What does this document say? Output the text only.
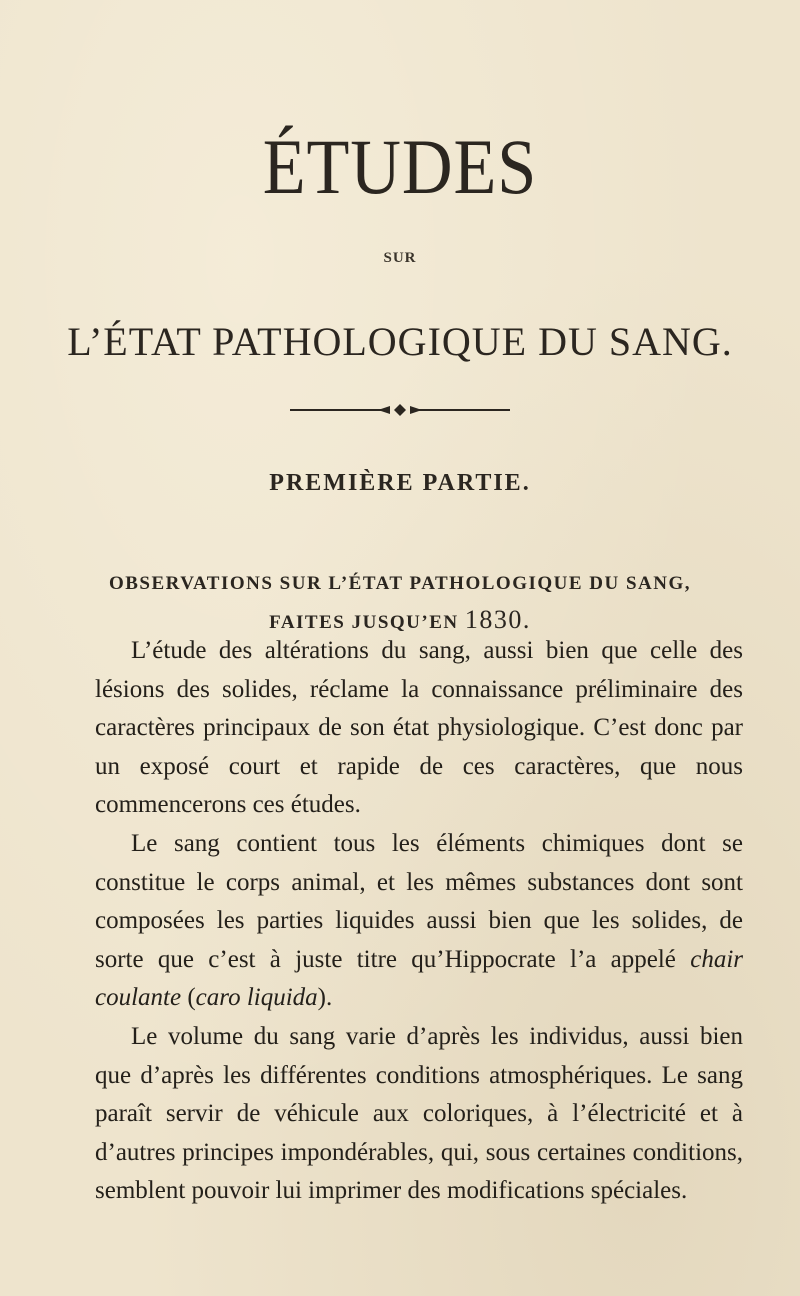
ÉTUDES
SUR
L’ÉTAT PATHOLOGIQUE DU SANG.
PREMIÈRE PARTIE.
OBSERVATIONS SUR L’ÉTAT PATHOLOGIQUE DU SANG,
FAITES JUSQU’EN 1830.

L’étude des altérations du sang, aussi bien que celle des lésions des solides, réclame la connaissance préliminaire des caractères principaux de son état physiologique. C’est donc par un exposé court et rapide de ces caractères, que nous commencerons ces études.

Le sang contient tous les éléments chimiques dont se constitue le corps animal, et les mêmes substances dont sont composées les parties liquides aussi bien que les solides, de sorte que c’est à juste titre qu’Hippocrate l’a appelé chair coulante (caro liquida).

Le volume du sang varie d’après les individus, aussi bien que d’après les différentes conditions atmosphériques. Le sang paraît servir de véhicule aux coloriques, à l’électricité et à d’autres principes impondérables, qui, sous certaines conditions, semblent pouvoir lui imprimer des modifications spéciales.
